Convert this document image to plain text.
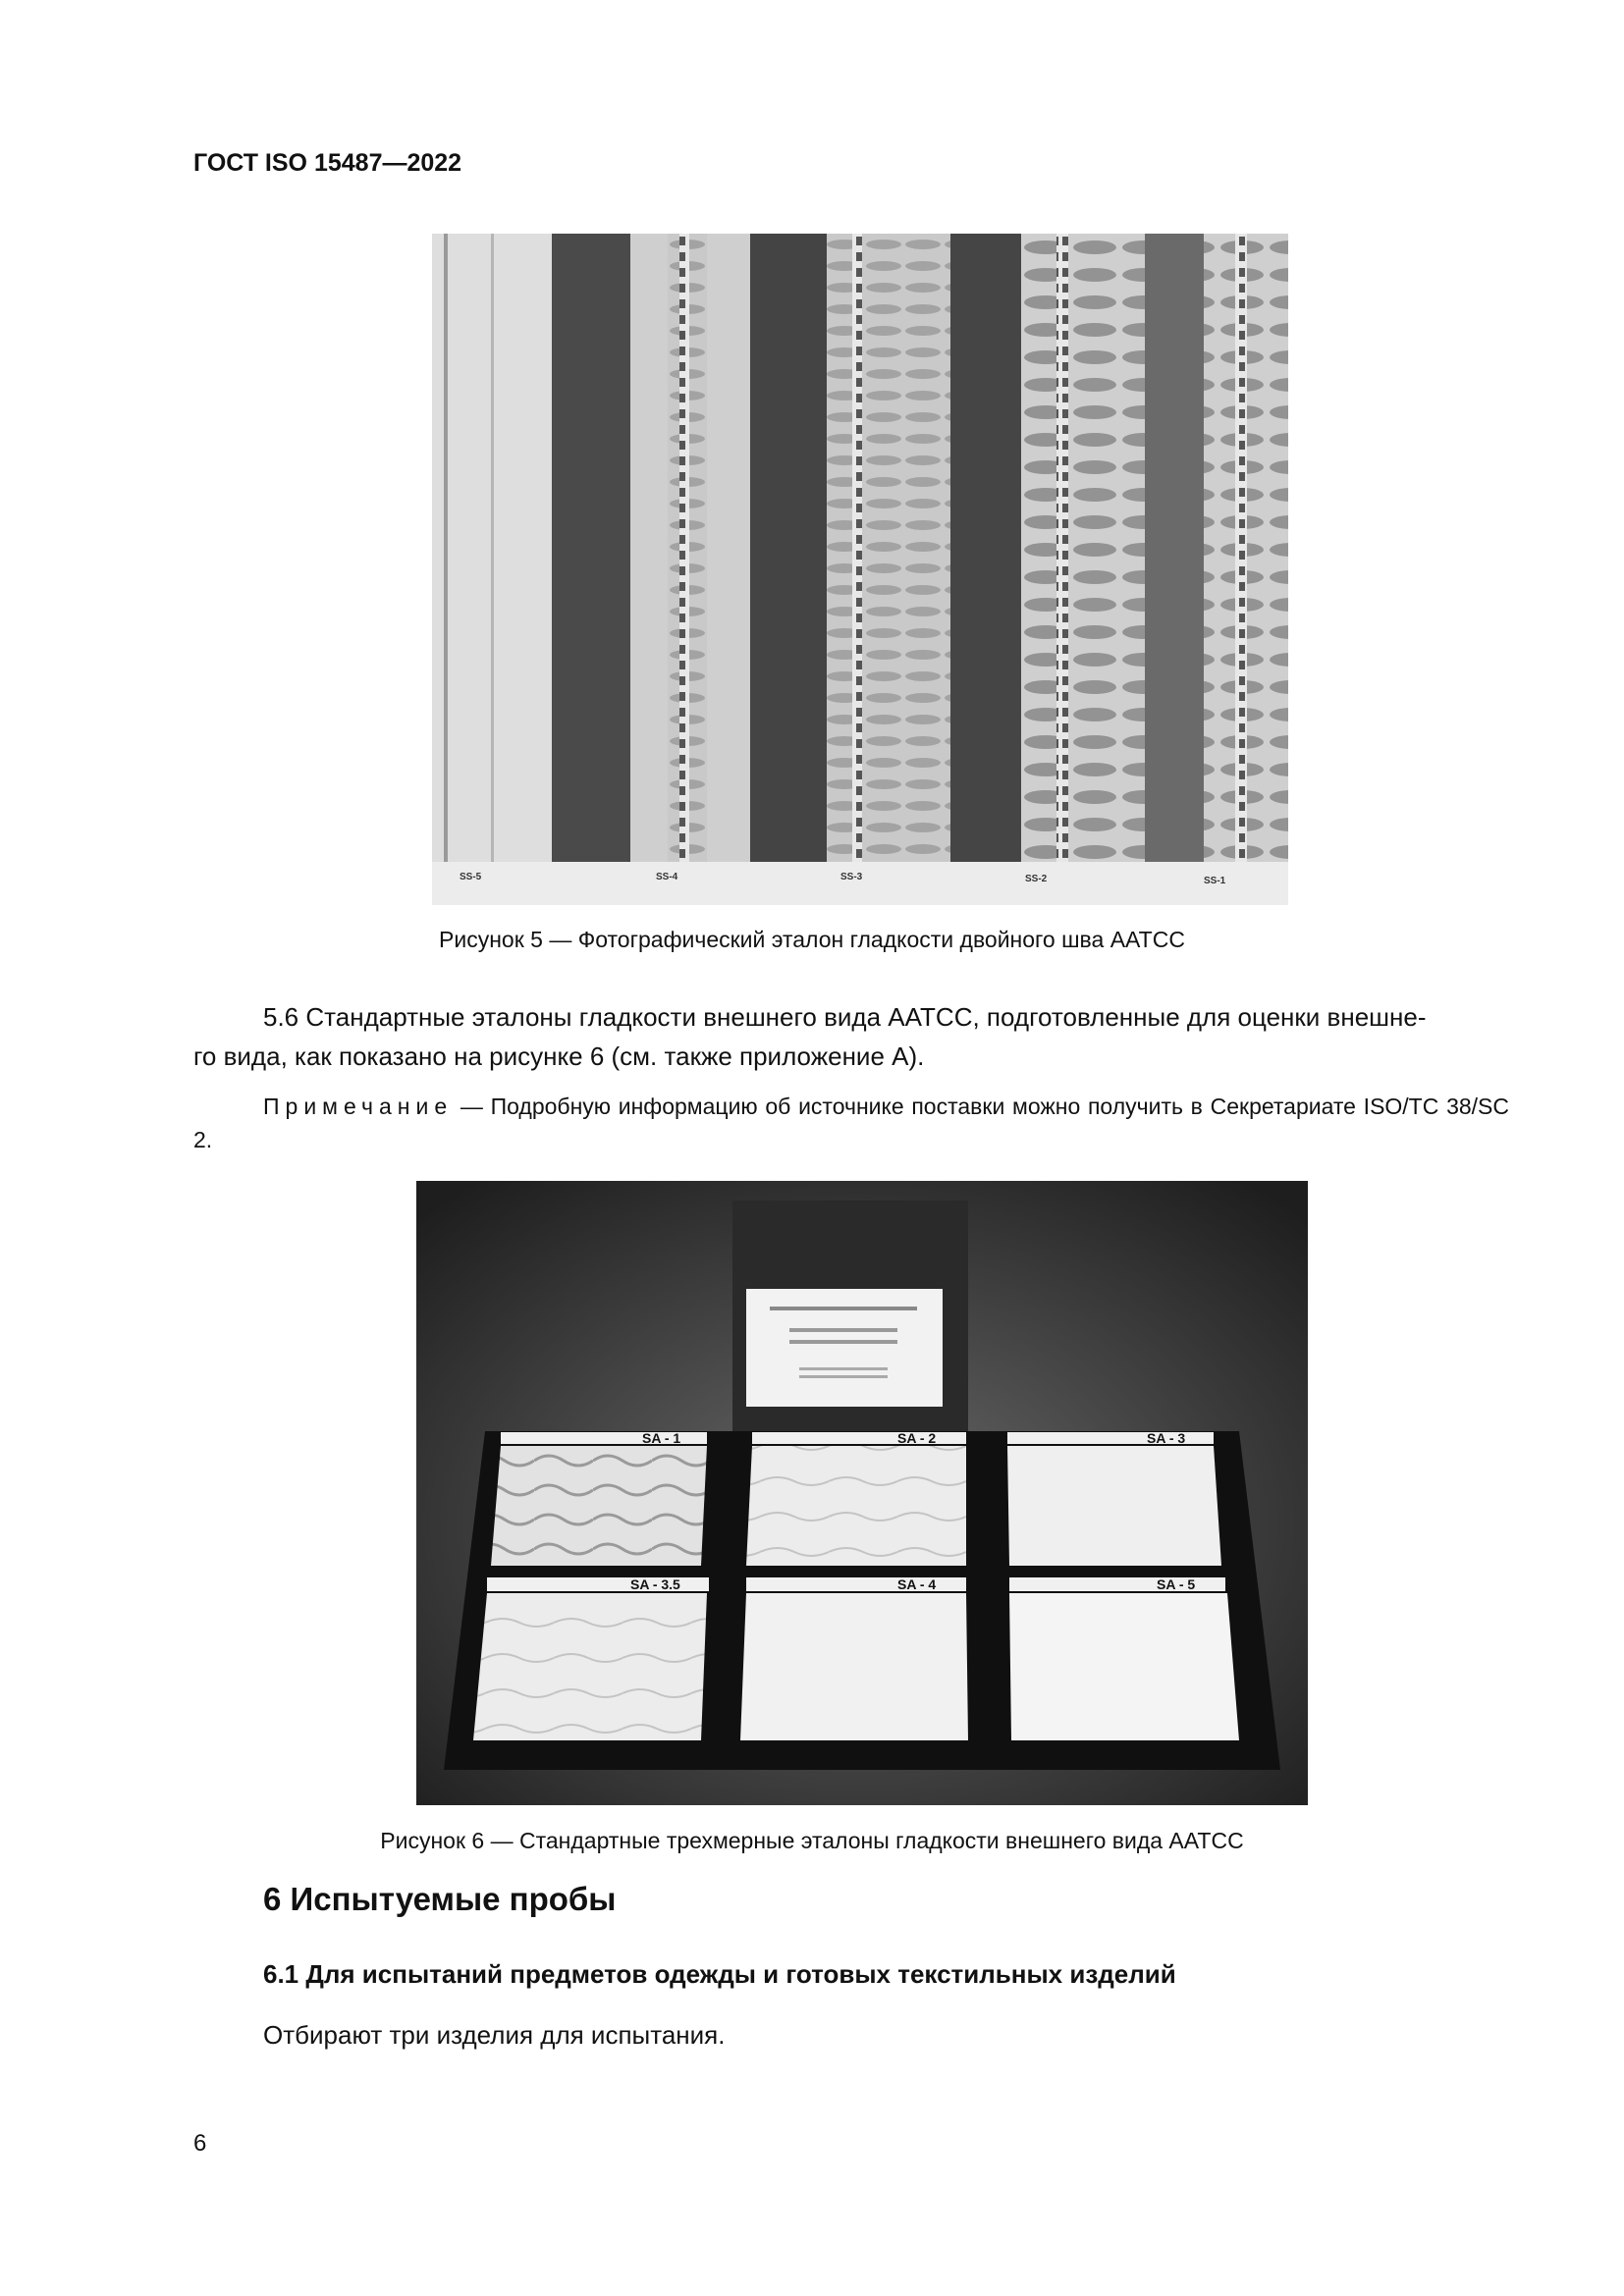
ГОСТ ISO 15487—2022
SS-5	SS-4	SS-3	SS-2	SS-1
Рисунок 5 — Фотографический эталон гладкости двойного шва AATCC
5.6 Стандартные эталоны гладкости внешнего вида AATCC, подготовленные для оценки внешне-
го вида, как показано на рисунке 6 (см. также приложение А).
Примечание — Подробную информацию об источнике поставки можно получить в Секретариате ISO/TC 38/SC 2.
SA - 1	SA - 2	SA - 3
SA - 3.5	SA - 4	SA - 5
Рисунок 6 — Стандартные трехмерные эталоны гладкости внешнего вида AATCC
6 Испытуемые пробы
6.1 Для испытаний предметов одежды и готовых текстильных изделий
Отбирают три изделия для испытания.
6
